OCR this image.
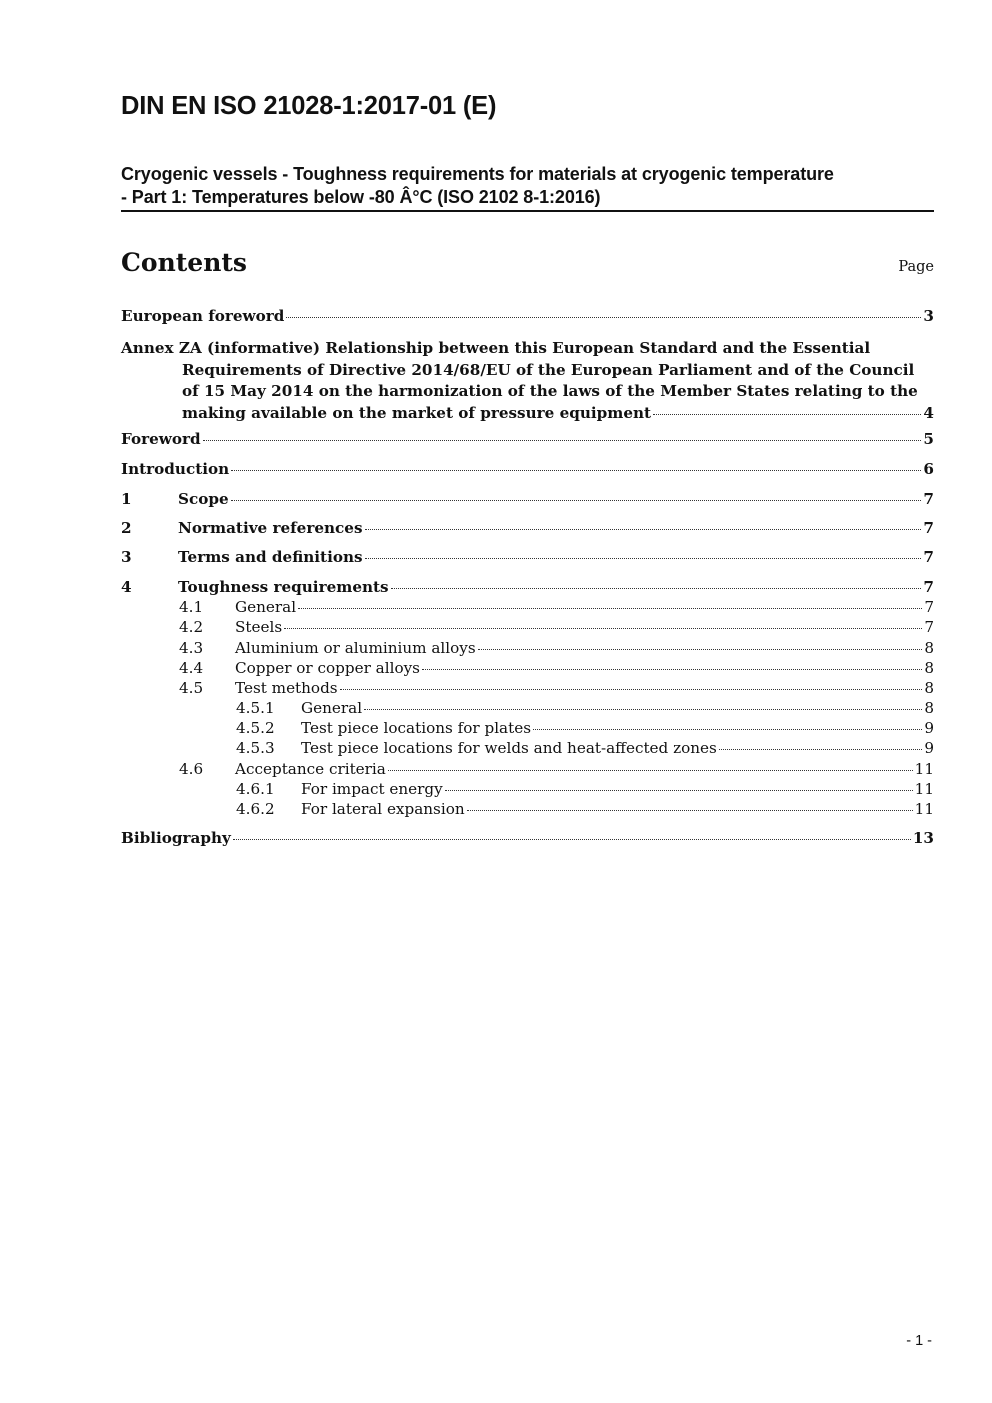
DIN EN ISO 21028-1:2017-01 (E)
Cryogenic vessels - Toughness requirements for materials at cryogenic temperature
- Part 1: Temperatures below -80 Â°C (ISO 2102 8-1:2016)
Contents	Page
European foreword	3
Annex ZA (informative) Relationship between this European Standard and the Essential
Requirements of Directive 2014/68/EU of the European Parliament and of the Council
of 15 May 2014 on the harmonization of the laws of the Member States relating to the
making available on the market of pressure equipment	4
Foreword	5
Introduction	6
1	Scope	7
2	Normative references	7
3	Terms and definitions	7
4	Toughness requirements	7
4.1	General	7
4.2	Steels	7
4.3	Aluminium or aluminium alloys	8
4.4	Copper or copper alloys	8
4.5	Test methods	8
4.5.1	General	8
4.5.2	Test piece locations for plates	9
4.5.3	Test piece locations for welds and heat-affected zones	9
4.6	Acceptance criteria	11
4.6.1	For impact energy	11
4.6.2	For lateral expansion	11
Bibliography	13
- 1 -
